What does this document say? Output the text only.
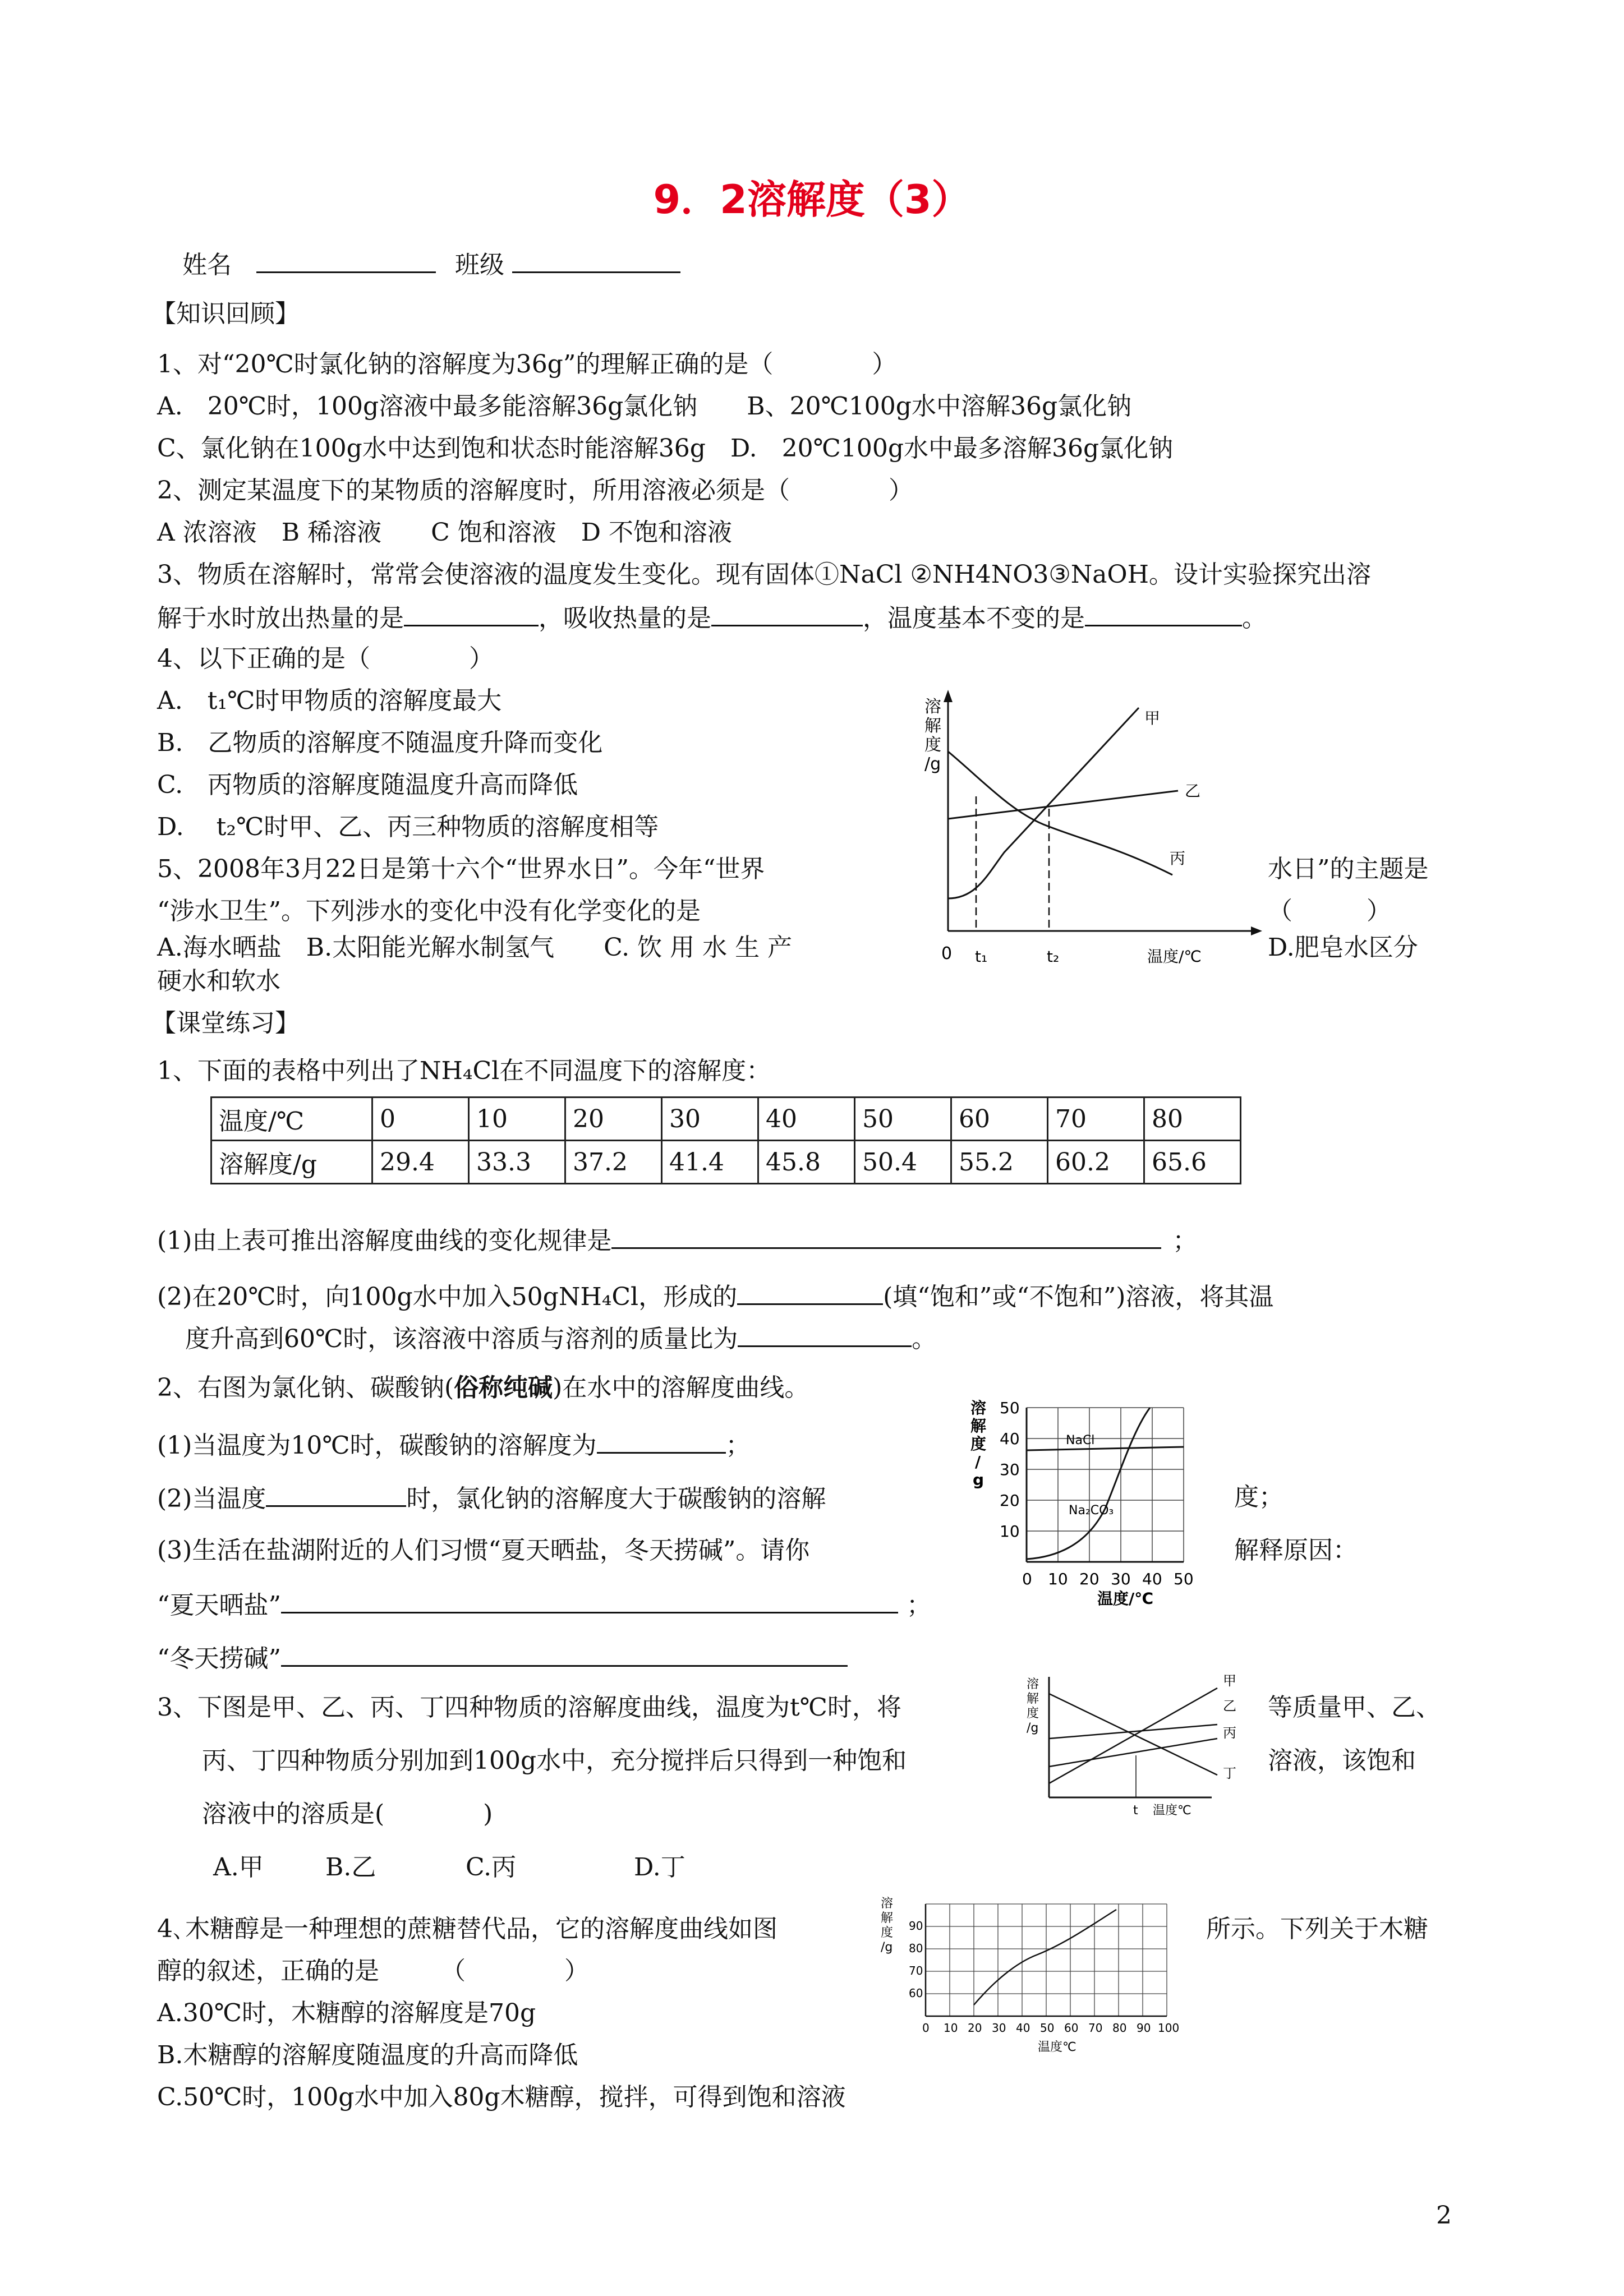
9．2溶解度（3）
姓名	班级
【知识回顾】
1、对“20℃时氯化钠的溶解度为36g”的理解正确的是（　　　　）
A.　20℃时，100g溶液中最多能溶解36g氯化钠　　B、20℃100g水中溶解36g氯化钠
C、氯化钠在100g水中达到饱和状态时能溶解36g　D.　20℃100g水中最多溶解36g氯化钠
2、测定某温度下的某物质的溶解度时，所用溶液必须是（　　　　）
A 浓溶液　B 稀溶液　　C 饱和溶液　D 不饱和溶液
3、物质在溶解时，常常会使溶液的温度发生变化。现有固体①NaCl ②NH4NO3③NaOH。设计实验探究出溶
解于水时放出热量的是	，吸收热量的是	，温度基本不变的是	。
4、以下正确的是（　　　　）
A.　t₁℃时甲物质的溶解度最大
B.　乙物质的溶解度不随温度升降而变化
C.　丙物质的溶解度随温度升高而降低
D.　 t₂℃时甲、乙、丙三种物质的溶解度相等
5、2008年3月22日是第十六个“世界水日”。今年“世界	水日”的主题是
“涉水卫生”。下列涉水的变化中没有化学变化的是	（　　　）
A.海水晒盐　B.太阳能光解水制氢气　　C. 饮 用 水 生 产	D.肥皂水区分
硬水和软水
溶
解
度
/g
0 t₁	t₂	温度/℃
甲
乙
丙
【课堂练习】
1、下面的表格中列出了NH₄Cl在不同温度下的溶解度：
温度/℃	0	10	20	30	40	50	60	70	80
溶解度/g	29.4	33.3	37.2	41.4	45.8	50.4	55.2	60.2	65.6
(1)由上表可推出溶解度曲线的变化规律是	；
(2)在20℃时，向100g水中加入50gNH₄Cl，形成的	(填“饱和”或“不饱和”)溶液，将其温
度升高到60℃时，该溶液中溶质与溶剂的质量比为	。
2、右图为氯化钠、碳酸钠(俗称纯碱)在水中的溶解度曲线。
(1)当温度为10℃时，碳酸钠的溶解度为	；
(2)当温度	时，氯化钠的溶解度大于碳酸钠的溶解	度；
(3)生活在盐湖附近的人们习惯“夏天晒盐，冬天捞碱”。请你	解释原因：
“夏天晒盐”	；
“冬天捞碱”
溶
解
度
/
g
50
40
30
20
10
0 10 20 30 40 50
温度/℃
NaCl
Na₂CO₃
3、下图是甲、乙、丙、丁四种物质的溶解度曲线，温度为t℃时，将	等质量甲、乙、
丙、丁四种物质分别加到100g水中，充分搅拌后只得到一种饱和	溶液，该饱和
溶液中的溶质是(　　　　)
A.甲	B.乙	C.丙	D.丁
溶
解
度
/g
t 温度℃
甲
乙
丙
丁
4､木糖醇是一种理想的蔗糖替代品，它的溶解度曲线如图	所示。下列关于木糖
醇的叙述，正确的是　　　（　　　　）
A.30℃时，木糖醇的溶解度是70g
B.木糖醇的溶解度随温度的升高而降低
C.50℃时，100g水中加入80g木糖醇，搅拌，可得到饱和溶液
溶
解
度
/g
90
80
70
60
0 10 20 30 40 50 60 70 80 90 100
温度℃
2
